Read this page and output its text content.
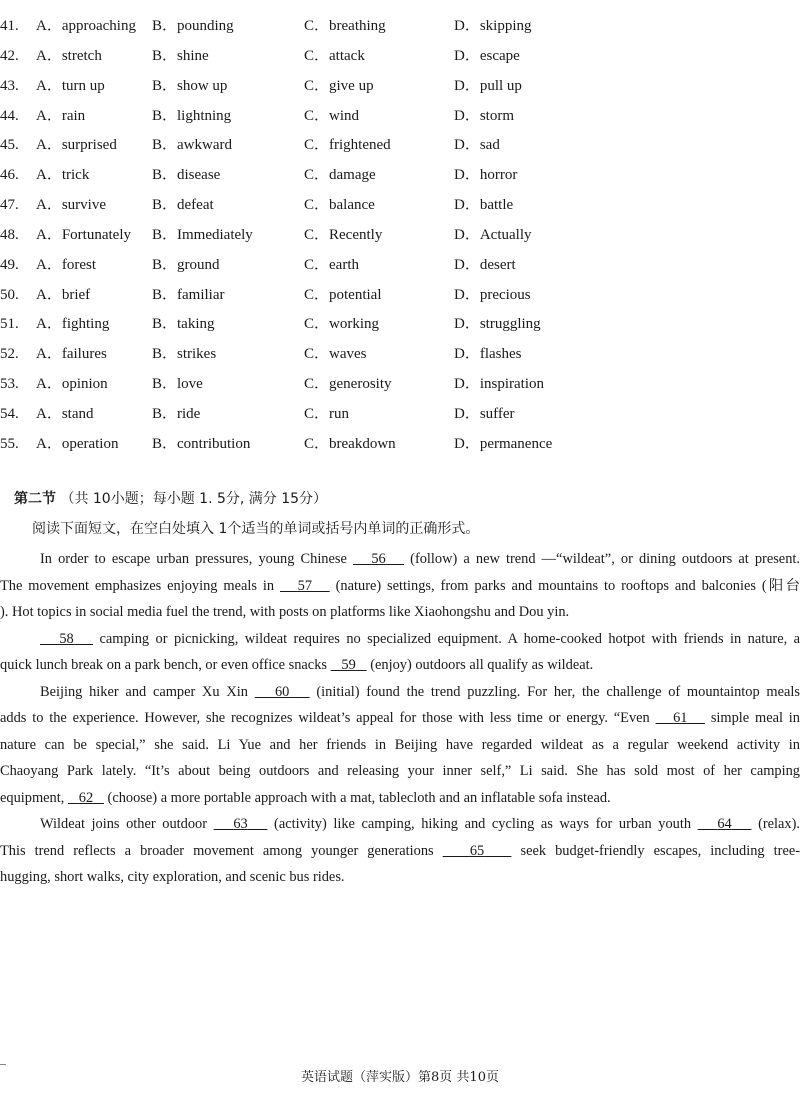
41. A．approaching B．pounding	C．breathing	D．skipping
42. A．stretch	B．shine	C．attack	D．escape
43. A．turn up	B．show up	C．give up	D．pull up
44. A．rain	B．lightning	C．wind	D．storm
45. A．surprised B．awkward	C．frightened	D．sad
46. A．trick	B．disease	C．damage	D．horror
47. A．survive	B．defeat	C．balance	D．battle
48. A．Fortunately B．Immediately	C．Recently	D．Actually
49. A．forest	B．ground	C．earth	D．desert
50. A．brief	B．familiar	C．potential	D．precious
51. A．fighting	B．taking	C．working	D．struggling
52. A．failures	B．strikes	C．waves	D．flashes
53. A．opinion	B．love	C．generosity	D．inspiration
54. A．stand	B．ride	C．run	D．suffer
55. A．operation B．contribution	C．breakdown	D．permanence
第二节 （共 10小题；每小题 1. 5分, 满分 15分）
阅读下面短文，在空白处填入 1个适当的单词或括号内单词的正确形式。
In order to escape urban pressures, young Chinese 56 (follow) a new trend —“wildeat”, or dining outdoors at present.
The movement emphasizes enjoying meals in 57 (nature) settings, from parks and mountains to rooftops and balconies (阳台
). Hot topics in social media fuel the trend, with posts on platforms like Xiaohongshu and Dou yin.
58 camping or picnicking, wildeat requires no specialized equipment. A home-cooked hotpot with friends in nature, a
quick lunch break on a park bench, or even office snacks 59 (enjoy) outdoors all qualify as wildeat.
Beijing hiker and camper Xu Xin 60 (initial) found the trend puzzling. For her, the challenge of mountaintop meals
adds to the experience. However, she recognizes wildeat’s appeal for those with less time or energy. “Even 61 simple meal in
nature can be special,” she said. Li Yue and her friends in Beijing have regarded wildeat as a regular weekend activity in
Chaoyang Park lately. “It’s about being outdoors and releasing your inner self,” Li said. She has sold most of her camping
equipment, 62 (choose) a more portable approach with a mat, tablecloth and an inflatable sofa instead.
Wildeat joins other outdoor 63 (activity) like camping, hiking and cycling as ways for urban youth 64 (relax).
This trend reflects a broader movement among younger generations	65	seek budget-friendly escapes, including tree-
hugging, short walks, city exploration, and scenic bus rides.
英语试题（萍实版）第8页 共10页
